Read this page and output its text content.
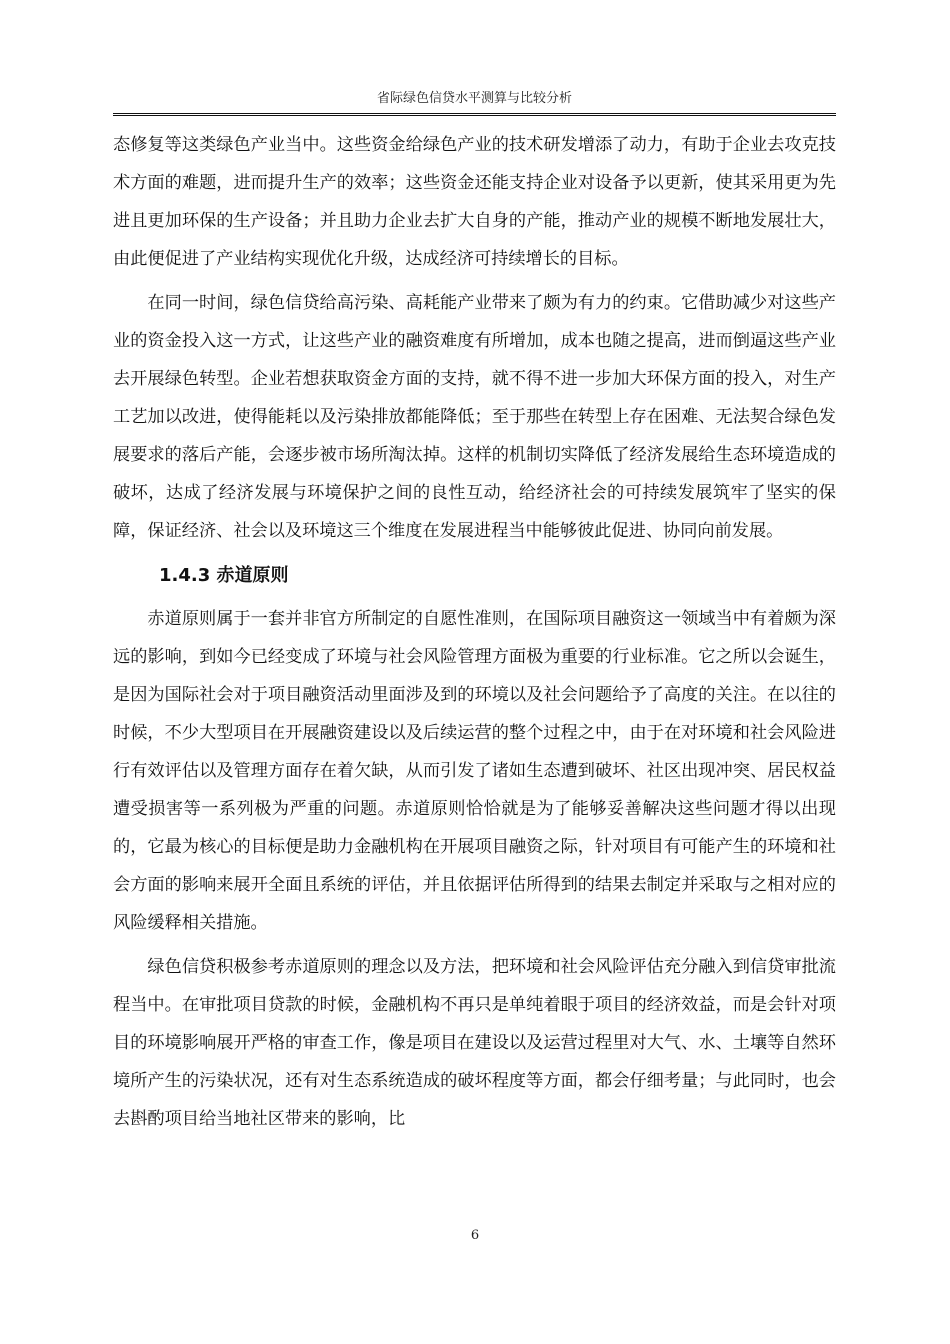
省际绿色信贷水平测算与比较分析

态修复等这类绿色产业当中。这些资金给绿色产业的技术研发增添了动力，有助于企业去攻克技术方面的难题，进而提升生产的效率；这些资金还能支持企业对设备予以更新，使其采用更为先进且更加环保的生产设备；并且助力企业去扩大自身的产能，推动产业的规模不断地发展壮大，由此便促进了产业结构实现优化升级，达成经济可持续增长的目标。

在同一时间，绿色信贷给高污染、高耗能产业带来了颇为有力的约束。它借助减少对这些产业的资金投入这一方式，让这些产业的融资难度有所增加，成本也随之提高，进而倒逼这些产业去开展绿色转型。企业若想获取资金方面的支持，就不得不进一步加大环保方面的投入，对生产工艺加以改进，使得能耗以及污染排放都能降低；至于那些在转型上存在困难、无法契合绿色发展要求的落后产能，会逐步被市场所淘汰掉。这样的机制切实降低了经济发展给生态环境造成的破坏，达成了经济发展与环境保护之间的良性互动，给经济社会的可持续发展筑牢了坚实的保障，保证经济、社会以及环境这三个维度在发展进程当中能够彼此促进、协同向前发展。

1.4.3 赤道原则

赤道原则属于一套并非官方所制定的自愿性准则，在国际项目融资这一领域当中有着颇为深远的影响，到如今已经变成了环境与社会风险管理方面极为重要的行业标准。它之所以会诞生，是因为国际社会对于项目融资活动里面涉及到的环境以及社会问题给予了高度的关注。在以往的时候，不少大型项目在开展融资建设以及后续运营的整个过程之中，由于在对环境和社会风险进行有效评估以及管理方面存在着欠缺，从而引发了诸如生态遭到破坏、社区出现冲突、居民权益遭受损害等一系列极为严重的问题。赤道原则恰恰就是为了能够妥善解决这些问题才得以出现的，它最为核心的目标便是助力金融机构在开展项目融资之际，针对项目有可能产生的环境和社会方面的影响来展开全面且系统的评估，并且依据评估所得到的结果去制定并采取与之相对应的风险缓释相关措施。

绿色信贷积极参考赤道原则的理念以及方法，把环境和社会风险评估充分融入到信贷审批流程当中。在审批项目贷款的时候，金融机构不再只是单纯着眼于项目的经济效益，而是会针对项目的环境影响展开严格的审查工作，像是项目在建设以及运营过程里对大气、水、土壤等自然环境所产生的污染状况，还有对生态系统造成的破坏程度等方面，都会仔细考量；与此同时，也会去斟酌项目给当地社区带来的影响，比

6
